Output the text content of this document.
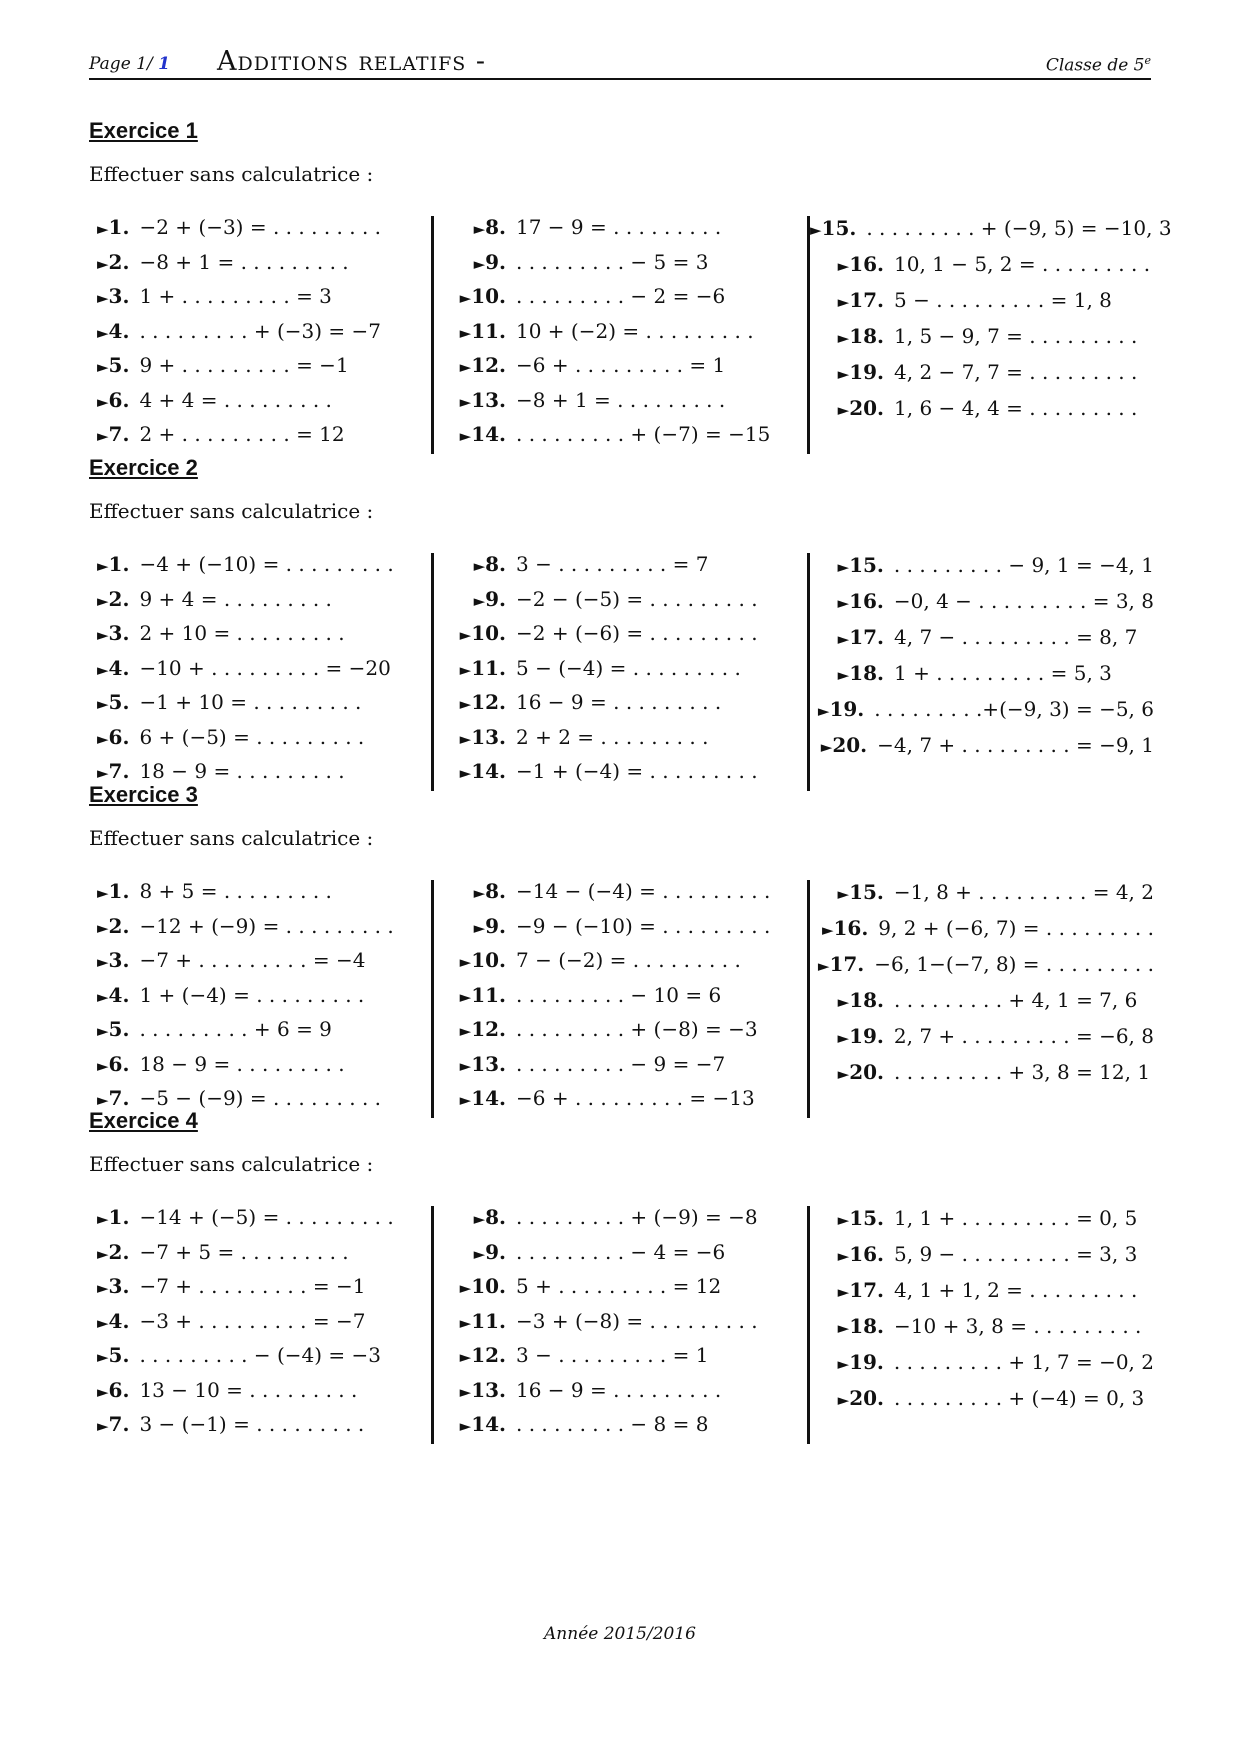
Page 1/ 1	Additions relatifs -	Classe de 5e
Exercice 1

Effectuer sans calculatrice :

►1. −2 + (−3) = . . . . . . . . .
►2. −8 + 1 = . . . . . . . . .
►3. 1 + . . . . . . . . . = 3
►4. . . . . . . . . . + (−3) = −7
►5. 9 + . . . . . . . . . = −1
►6. 4 + 4 = . . . . . . . . .
►7. 2 + . . . . . . . . . = 12
►8. 17 − 9 = . . . . . . . . .
►9. . . . . . . . . . − 5 = 3
►10. . . . . . . . . . − 2 = −6
►11. 10 + (−2) = . . . . . . . . .
►12. −6 + . . . . . . . . . = 1
►13. −8 + 1 = . . . . . . . . .
►14. . . . . . . . . . + (−7) = −15
►15. . . . . . . . . . + (−9, 5) = −10, 3
►16. 10, 1 − 5, 2 = . . . . . . . . .
►17. 5 − . . . . . . . . . = 1, 8
►18. 1, 5 − 9, 7 = . . . . . . . . .
►19. 4, 2 − 7, 7 = . . . . . . . . .
►20. 1, 6 − 4, 4 = . . . . . . . . .
Exercice 2

Effectuer sans calculatrice :

►1. −4 + (−10) = . . . . . . . . .
►2. 9 + 4 = . . . . . . . . .
►3. 2 + 10 = . . . . . . . . .
►4. −10 + . . . . . . . . . = −20
►5. −1 + 10 = . . . . . . . . .
►6. 6 + (−5) = . . . . . . . . .
►7. 18 − 9 = . . . . . . . . .
►8. 3 − . . . . . . . . . = 7
►9. −2 − (−5) = . . . . . . . . .
►10. −2 + (−6) = . . . . . . . . .
►11. 5 − (−4) = . . . . . . . . .
►12. 16 − 9 = . . . . . . . . .
►13. 2 + 2 = . . . . . . . . .
►14. −1 + (−4) = . . . . . . . . .
►15. . . . . . . . . . − 9, 1 = −4, 1
►16. −0, 4 − . . . . . . . . . = 3, 8
►17. 4, 7 − . . . . . . . . . = 8, 7
►18. 1 + . . . . . . . . . = 5, 3
►19. . . . . . . . . .+(−9, 3) = −5, 6
►20. −4, 7 + . . . . . . . . . = −9, 1
Exercice 3

Effectuer sans calculatrice :

►1. 8 + 5 = . . . . . . . . .
►2. −12 + (−9) = . . . . . . . . .
►3. −7 + . . . . . . . . . = −4
►4. 1 + (−4) = . . . . . . . . .
►5. . . . . . . . . . + 6 = 9
►6. 18 − 9 = . . . . . . . . .
►7. −5 − (−9) = . . . . . . . . .
►8. −14 − (−4) = . . . . . . . . .
►9. −9 − (−10) = . . . . . . . . .
►10. 7 − (−2) = . . . . . . . . .
►11. . . . . . . . . . − 10 = 6
►12. . . . . . . . . . + (−8) = −3
►13. . . . . . . . . . − 9 = −7
►14. −6 + . . . . . . . . . = −13
►15. −1, 8 + . . . . . . . . . = 4, 2
►16. 9, 2 + (−6, 7) = . . . . . . . . .
►17. −6, 1−(−7, 8) = . . . . . . . . .
►18. . . . . . . . . . + 4, 1 = 7, 6
►19. 2, 7 + . . . . . . . . . = −6, 8
►20. . . . . . . . . . + 3, 8 = 12, 1
Exercice 4

Effectuer sans calculatrice :

►1. −14 + (−5) = . . . . . . . . .
►2. −7 + 5 = . . . . . . . . .
►3. −7 + . . . . . . . . . = −1
►4. −3 + . . . . . . . . . = −7
►5. . . . . . . . . . − (−4) = −3
►6. 13 − 10 = . . . . . . . . .
►7. 3 − (−1) = . . . . . . . . .
►8. . . . . . . . . . + (−9) = −8
►9. . . . . . . . . . − 4 = −6
►10. 5 + . . . . . . . . . = 12
►11. −3 + (−8) = . . . . . . . . .
►12. 3 − . . . . . . . . . = 1
►13. 16 − 9 = . . . . . . . . .
►14. . . . . . . . . . − 8 = 8
►15. 1, 1 + . . . . . . . . . = 0, 5
►16. 5, 9 − . . . . . . . . . = 3, 3
►17. 4, 1 + 1, 2 = . . . . . . . . .
►18. −10 + 3, 8 = . . . . . . . . .
►19. . . . . . . . . . + 1, 7 = −0, 2
►20. . . . . . . . . . + (−4) = 0, 3
Année 2015/2016
